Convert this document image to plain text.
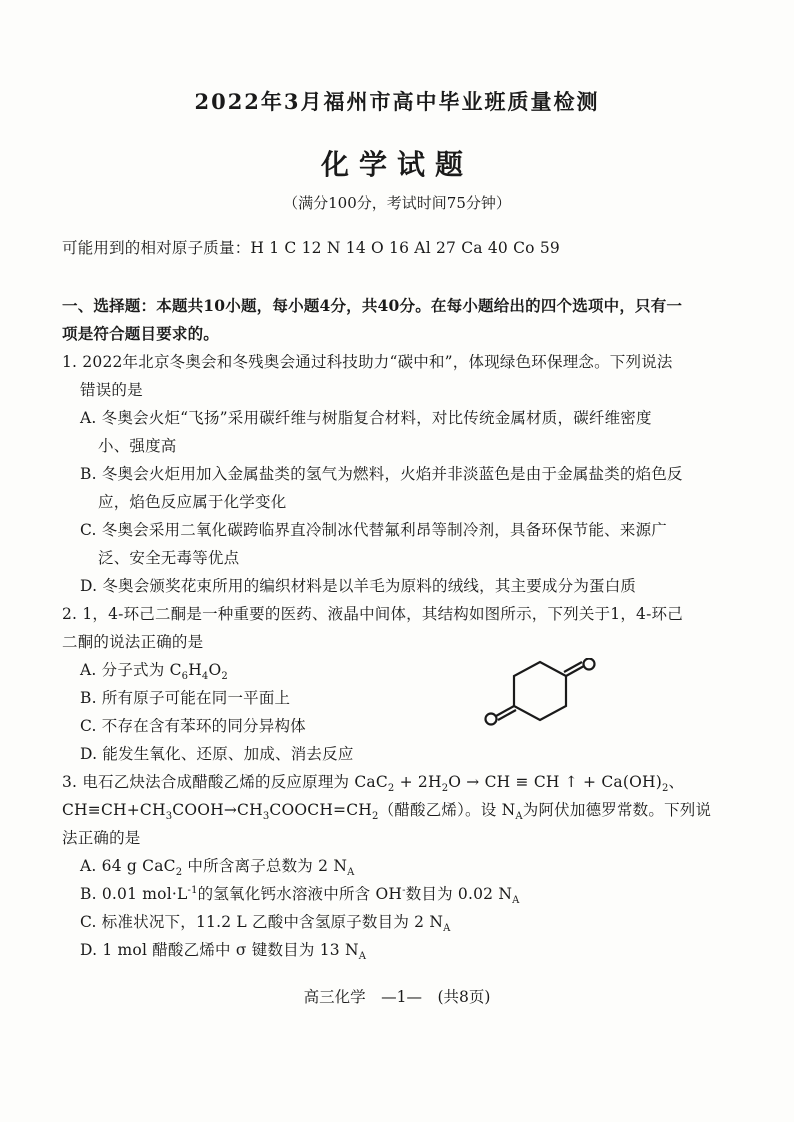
2022年3月福州市高中毕业班质量检测
化学试题
（满分100分，考试时间75分钟）
可能用到的相对原子质量：H 1 C 12 N 14 O 16 Al 27 Ca 40 Co 59
一、选择题：本题共10小题，每小题4分，共40分。在每小题给出的四个选项中，只有一
项是符合题目要求的。
1. 2022年北京冬奥会和冬残奥会通过科技助力“碳中和”，体现绿色环保理念。下列说法
错误的是
A. 冬奥会火炬“飞扬”采用碳纤维与树脂复合材料，对比传统金属材质，碳纤维密度
小、强度高
B. 冬奥会火炬用加入金属盐类的氢气为燃料，火焰并非淡蓝色是由于金属盐类的焰色反
应，焰色反应属于化学变化
C. 冬奥会采用二氧化碳跨临界直冷制冰代替氟利昂等制冷剂，具备环保节能、来源广
泛、安全无毒等优点
D. 冬奥会颁奖花束所用的编织材料是以羊毛为原料的绒线，其主要成分为蛋白质
2. 1，4-环己二酮是一种重要的医药、液晶中间体，其结构如图所示，下列关于1，4-环己
二酮的说法正确的是
A. 分子式为 $C_6H_4O_2$
B. 所有原子可能在同一平面上
C. 不存在含有苯环的同分异构体
D. 能发生氧化、还原、加成、消去反应
3. 电石乙炔法合成醋酸乙烯的反应原理为 $CaC_2 + 2H_2O$ → CH ≡ CH ↑ + $Ca(OH)_2$、
$CH\equiv CH+CH_3COOH\to CH_3COOCH=CH_2$（醋酸乙烯）。设 $N_A$为阿伏加德罗常数。下列说
法正确的是
A. 64 g CaC$_2$ 中所含离子总数为 2 $N_A$
B. 0.01 $mol\cdot L^{-1}$的氢氧化钙水溶液中所含 OH-数目为 0.02 $N_A$
C. 标准状况下，11.2 L 乙酸中含氢原子数目为 2 $N_A$
D. 1 mol 醋酸乙烯中 σ 键数目为 13 $N_A$
高三化学　—1—　(共8页)
